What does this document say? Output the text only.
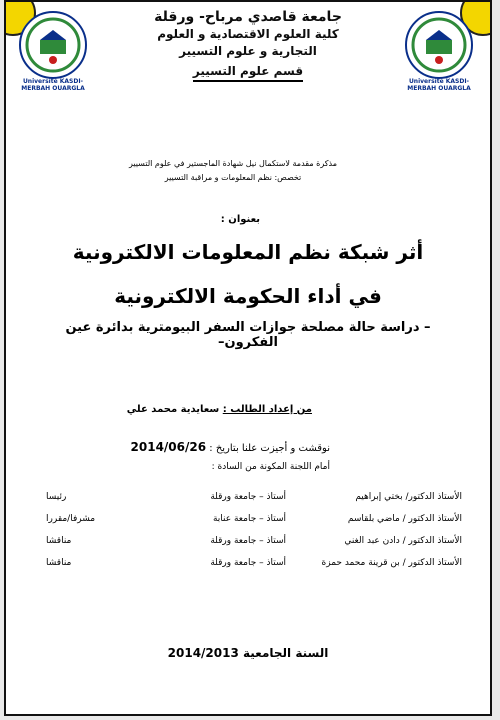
Université KASDI-MERBAH OUARGLA
جامعة قاصدي مرباح- ورقلة
كلية العلوم الاقتصادية و العلوم التجارية و علوم التسيير
قسم علوم التسيير
Université KASDI-MERBAH OUARGLA
مذكرة مقدمة لاستكمال نيل شهادة الماجستير في علوم التسيير
تخصص: نظم المعلومات و مراقبة التسيير
بعنوان :
أثر شبكة نظم المعلومات الالكترونية
في أداء الحكومة الالكترونية
– دراسة حالة مصلحة جوازات السفر البيومترية بدائرة عين الفكرون–
من إعداد الطالب : سعايدية محمد علي
نوقشت و أجيزت علنا بتاريخ : 2014/06/26
أمام اللجنة المكونة من السادة :
الأستاذ الدكتور/ بختي إبراهيم
أستاذ – جامعة ورقلة
رئيسا
الأستاذ الدكتور / ماضي بلقاسم
أستاذ – جامعة عنابة
مشرفا/مقررا
الأستاذ الدكتور / دادن عبد الغني
أستاذ – جامعة ورقلة
مناقشا
الأستاذ الدكتور / بن قرينة محمد حمزة
أستاذ – جامعة ورقلة
مناقشا
السنة الجامعية 2014/2013
